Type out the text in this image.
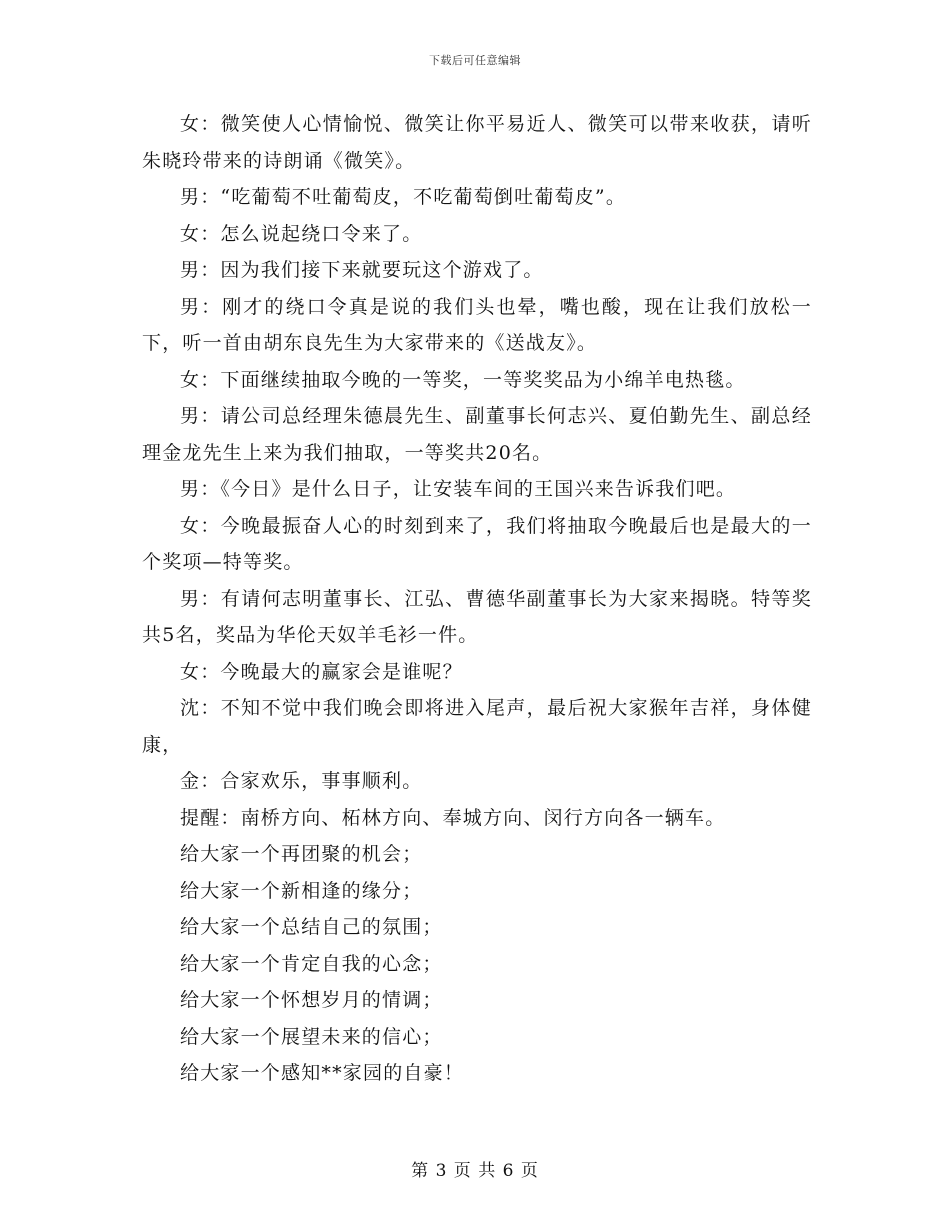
下载后可任意编辑

女：微笑使人心情愉悦、微笑让你平易近人、微笑可以带来收获，请听朱晓玲带来的诗朗诵《微笑》。

男：“吃葡萄不吐葡萄皮，不吃葡萄倒吐葡萄皮”。

女：怎么说起绕口令来了。

男：因为我们接下来就要玩这个游戏了。

男：刚才的绕口令真是说的我们头也晕，嘴也酸，现在让我们放松一下，听一首由胡东良先生为大家带来的《送战友》。

女：下面继续抽取今晚的一等奖，一等奖奖品为小绵羊电热毯。

男：请公司总经理朱德晨先生、副董事长何志兴、夏伯勤先生、副总经理金龙先生上来为我们抽取，一等奖共20名。

男：《今日》是什么日子，让安装车间的王国兴来告诉我们吧。

女：今晚最振奋人心的时刻到来了，我们将抽取今晚最后也是最大的一个奖项—特等奖。

男：有请何志明董事长、江弘、曹德华副董事长为大家来揭晓。特等奖共5名，奖品为华伦天奴羊毛衫一件。

女：今晚最大的赢家会是谁呢？

沈：不知不觉中我们晚会即将进入尾声，最后祝大家猴年吉祥，身体健康，

金：合家欢乐，事事顺利。

提醒：南桥方向、柘林方向、奉城方向、闵行方向各一辆车。

给大家一个再团聚的机会；

给大家一个新相逢的缘分；

给大家一个总结自己的氛围；

给大家一个肯定自我的心念；

给大家一个怀想岁月的情调；

给大家一个展望未来的信心；

给大家一个感知**家园的自豪！

第 3 页 共 6 页
